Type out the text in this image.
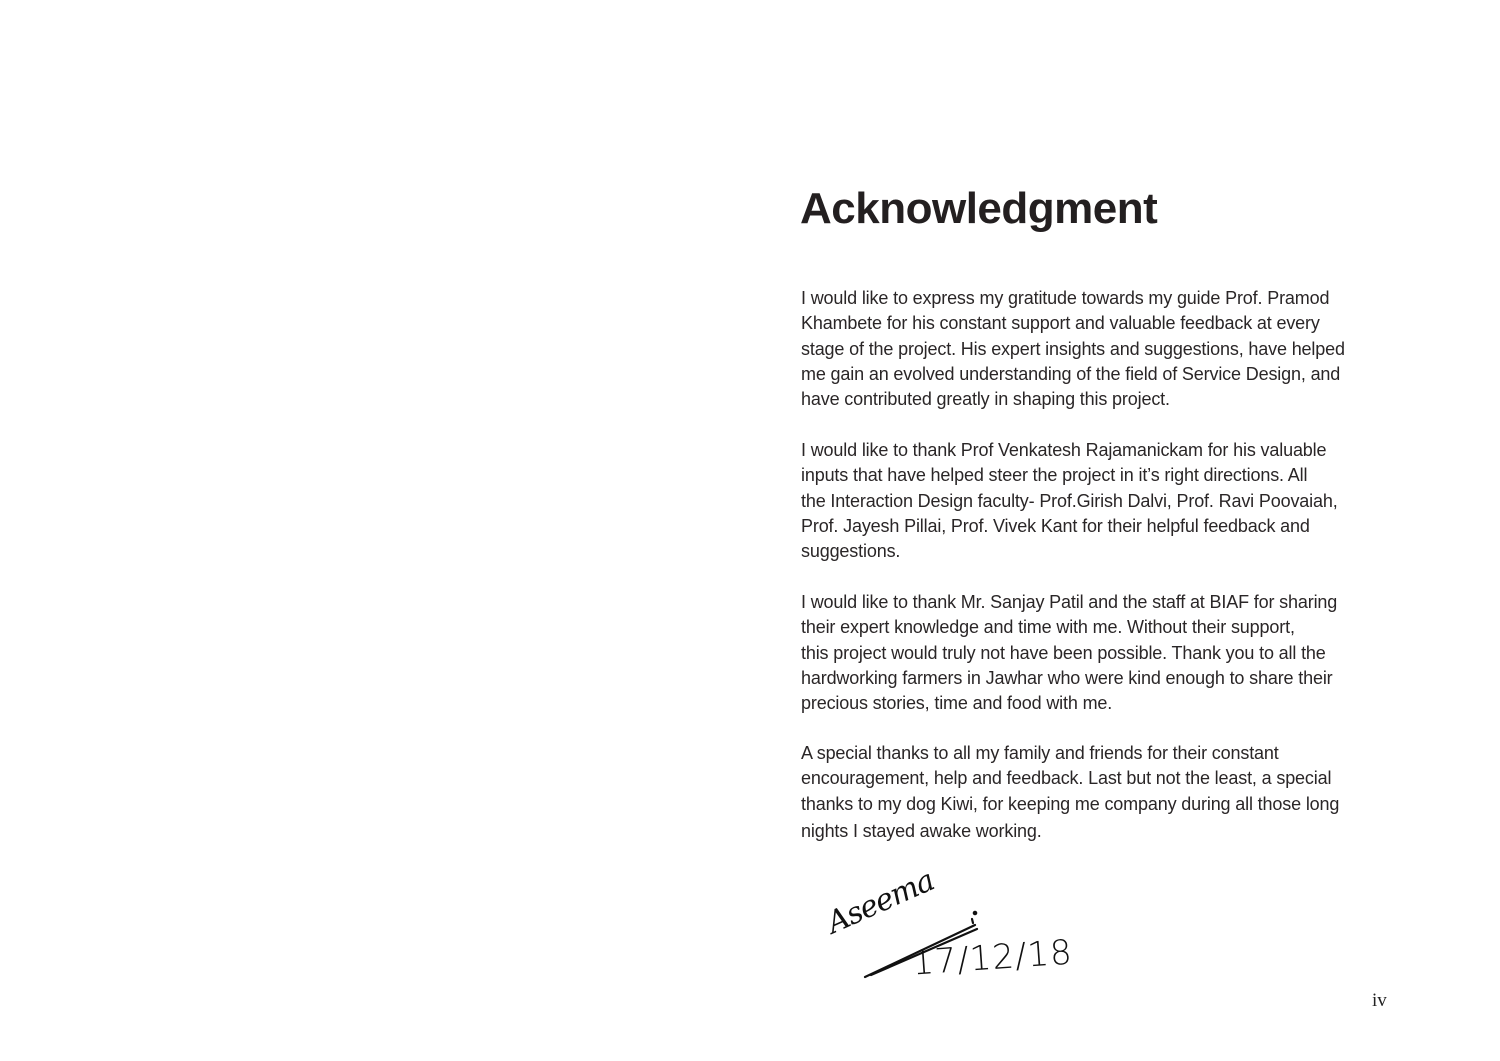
Acknowledgment

I would like to express my gratitude towards my guide Prof. Pramod
Khambete for his constant support and valuable feedback at every
stage of the project. His expert insights and suggestions, have helped
me gain an evolved understanding of the field of Service Design, and
have contributed greatly in shaping this project.

I would like to thank Prof Venkatesh Rajamanickam for his valuable
inputs that have helped steer the project in it’s right directions. All
the Interaction Design faculty- Prof.Girish Dalvi, Prof. Ravi Poovaiah,
Prof. Jayesh Pillai, Prof. Vivek Kant for their helpful feedback and
suggestions.

I would like to thank Mr. Sanjay Patil and the staff at BIAF for sharing
their expert knowledge and time with me. Without their support,
this project would truly not have been possible. Thank you to all the
hardworking farmers in Jawhar who were kind enough to share their
precious stories, time and food with me.

A special thanks to all my family and friends for their constant
encouragement, help and feedback. Last but not the least, a special
thanks to my dog Kiwi, for keeping me company during all those long
nights I stayed awake working.

Aseema
17/12/18
iv
